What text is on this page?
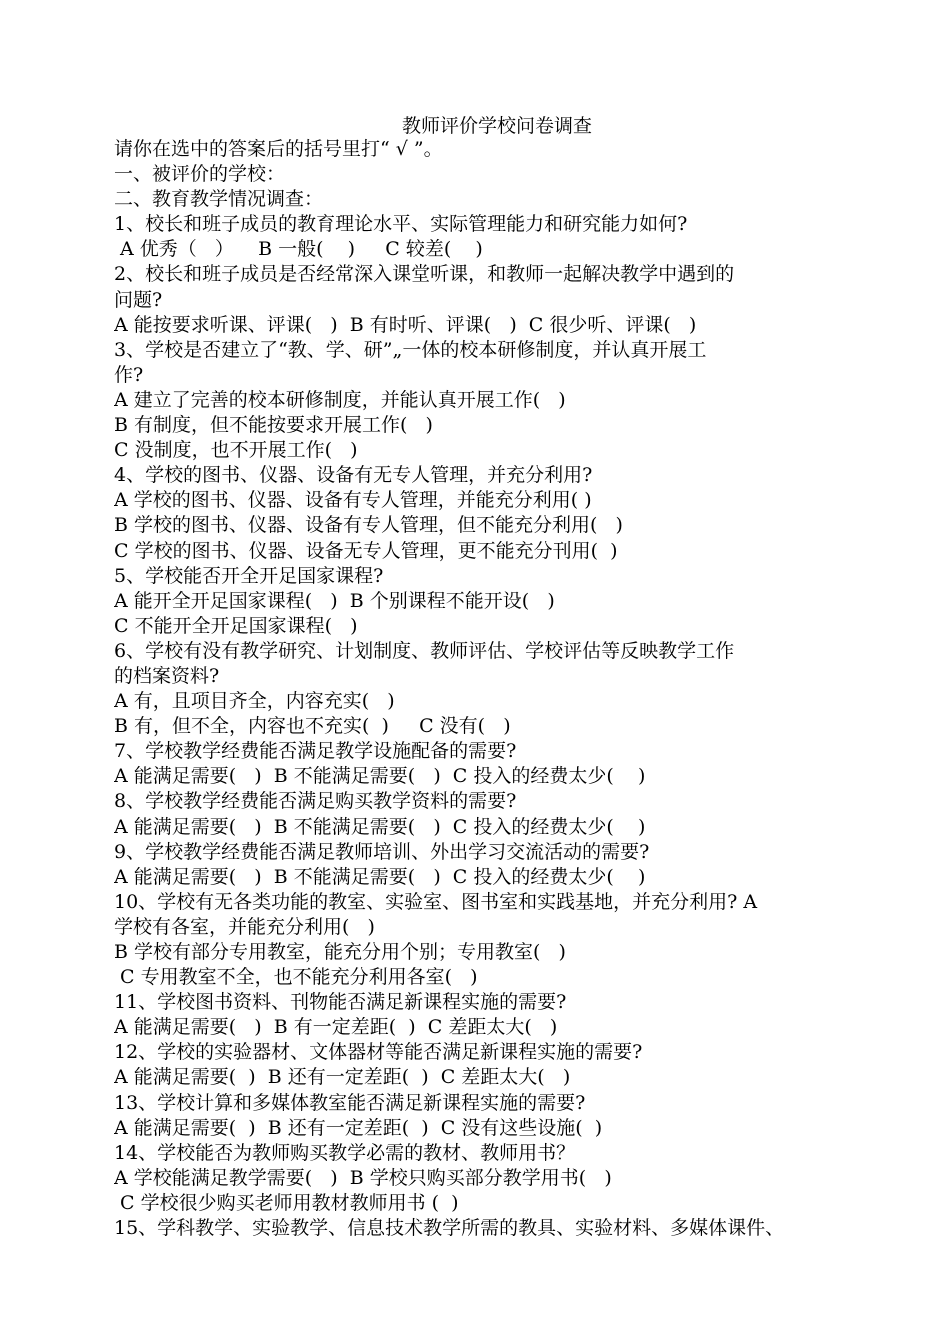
教师评价学校问卷调查
请你在选中的答案后的括号里打“ √ ”。
一、被评价的学校：
二、教育教学情况调查：
1、校长和班子成员的教育理论水平、实际管理能力和研究能力如何?
A 优秀（   ）    B 一般(    )     C 较差(    )
2、校长和班子成员是否经常深入课堂听课，和教师一起解决教学中遇到的
问题?
A 能按要求听课、评课(   )  B 有时听、评课(   )  C 很少听、评课(   )
3、学校是否建立了“教、学、研”„一体的校本研修制度，并认真开展工
作?
A 建立了完善的校本研修制度，并能认真开展工作(   )
B 有制度，但不能按要求开展工作(   )
C 没制度，也不开展工作(   )
4、学校的图书、仪器、设备有无专人管理，并充分利用?
A 学校的图书、仪器、设备有专人管理，并能充分利用( )
B 学校的图书、仪器、设备有专人管理，但不能充分利用(   )
C 学校的图书、仪器、设备无专人管理，更不能充分刊用(  )
5、学校能否开全开足国家课程?
A 能开全开足国家课程(   )  B 个别课程不能开设(   )
C 不能开全开足国家课程(   )
6、学校有没有教学研究、计划制度、教师评估、学校评估等反映教学工作
的档案资料?
A 有，且项目齐全，内容充实(   )
B 有，但不全，内容也不充实(  )     C 没有(   )
7、学校教学经费能否满足教学设施配备的需要?
A 能满足需要(   )  B 不能满足需要(   )  C 投入的经费太少(    )
8、学校教学经费能否满足购买教学资料的需要?
A 能满足需要(   )  B 不能满足需要(   )  C 投入的经费太少(    )
9、学校教学经费能否满足教师培训、外出学习交流活动的需要?
A 能满足需要(   )  B 不能满足需要(   )  C 投入的经费太少(    )
10、学校有无各类功能的教室、实验室、图书室和实践基地，并充分利用? A
学校有各室，并能充分利用(   )
B 学校有部分专用教室，能充分用个别；专用教室(   )
C 专用教室不全，也不能充分利用各室(   )
11、学校图书资料、刊物能否满足新课程实施的需要?
A 能满足需要(   )  B 有一定差距(  )  C 差距太大(   )
12、学校的实验器材、文体器材等能否满足新课程实施的需要?
A 能满足需要(  )  B 还有一定差距(  )  C 差距太大(   )
13、学校计算和多媒体教室能否满足新课程实施的需要?
A 能满足需要(  )  B 还有一定差距(  )  C 没有这些设施(  )
14、学校能否为教师购买教学必需的教材、教师用书？
A 学校能满足教学需要(   )  B 学校只购买部分教学用书(   )
C 学校很少购买老师用教材教师用书 (  )
15、学科教学、实验教学、信息技术教学所需的教具、实验材料、多媒体课件、
